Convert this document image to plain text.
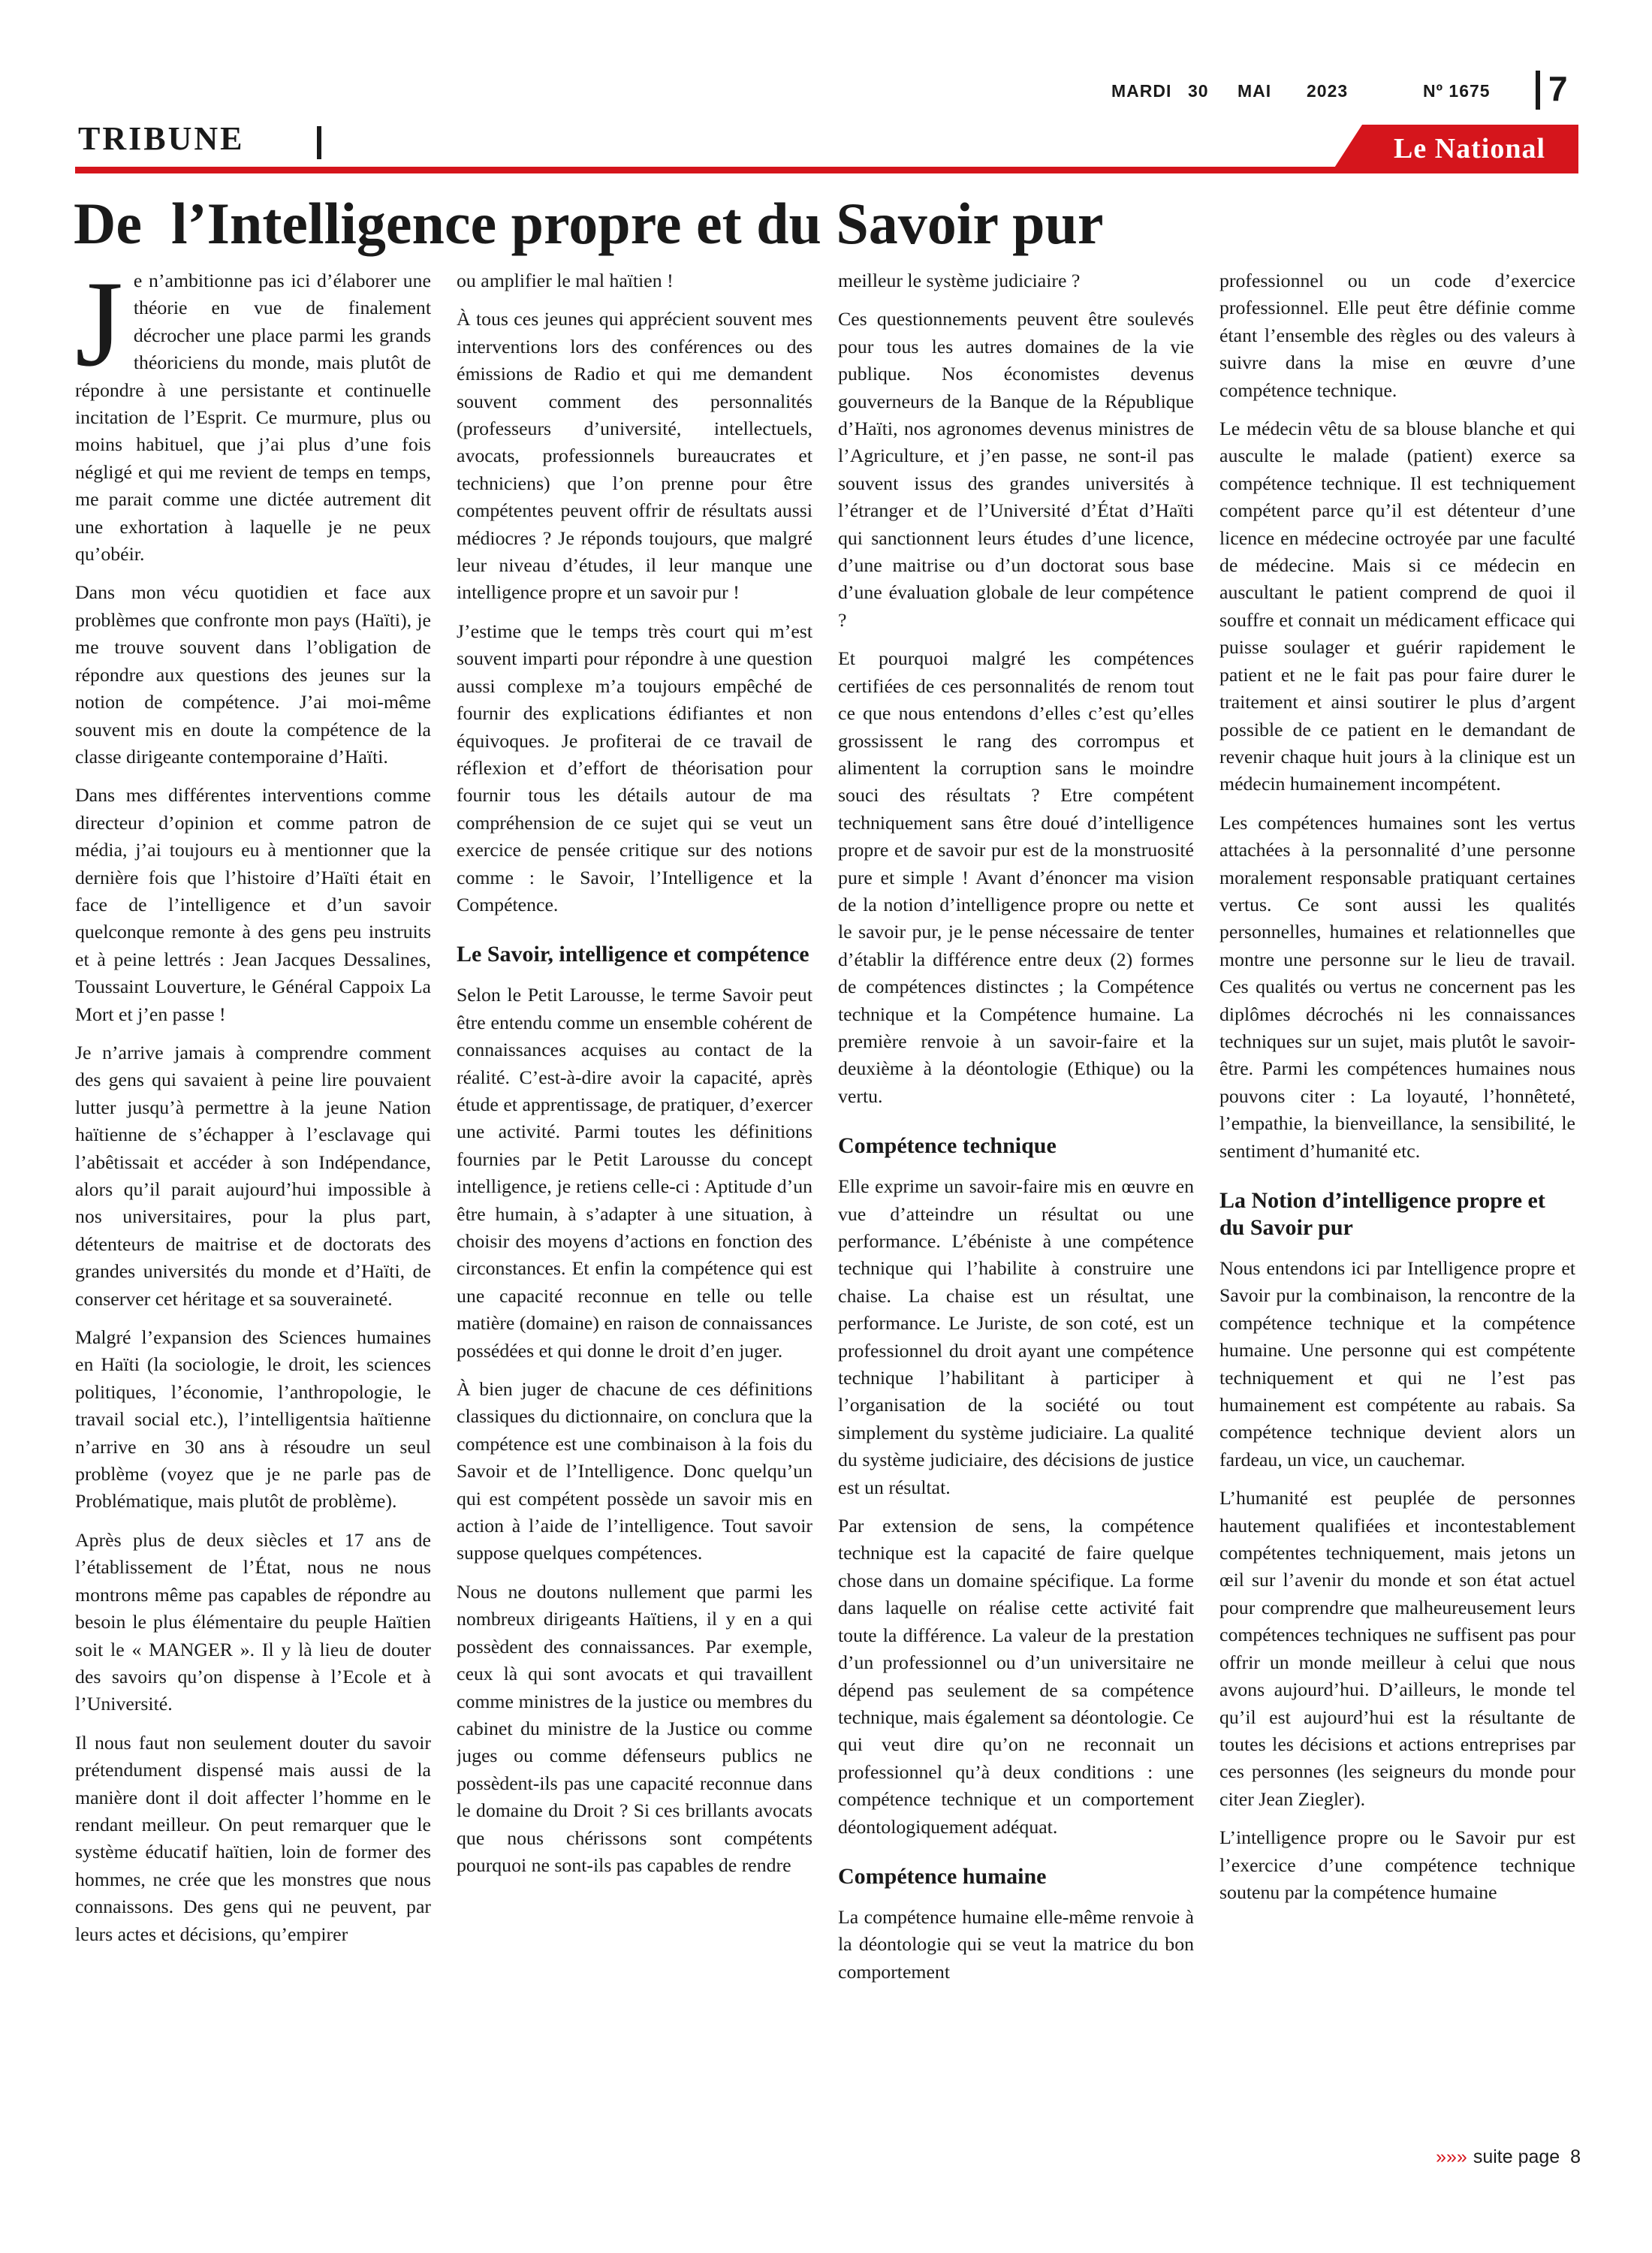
MARDI 30 MAI 2023	Nº 1675 7
TRIBUNE	Le National
De  l’Intelligence propre et du Savoir pur

Je n’ambitionne pas ici d’élaborer une théorie en vue de finalement décrocher une place parmi les grands théoriciens du monde, mais plutôt de répondre à une persistante et continuelle incitation de l’Esprit. Ce murmure, plus ou moins habituel, que j’ai plus d’une fois négligé et qui me revient de temps en temps, me parait comme une dictée autrement dit une exhortation à laquelle je ne peux qu’obéir.

Dans mon vécu quotidien et face aux problèmes que confronte mon pays (Haïti), je me trouve souvent dans l’obligation de répondre aux questions des jeunes sur la notion de compétence. J’ai moi-même souvent mis en doute la compétence de la classe dirigeante contemporaine d’Haïti.

Dans mes différentes interventions comme directeur d’opinion et comme patron de média, j’ai toujours eu à mentionner que la dernière fois que l’histoire d’Haïti était en face de l’intelligence et d’un savoir quelconque remonte à des gens peu instruits et à peine lettrés : Jean Jacques Dessalines, Toussaint Louverture, le Général Cappoix La Mort et j’en passe !

Je n’arrive jamais à comprendre comment des gens qui savaient à peine lire pouvaient lutter jusqu’à permettre à la jeune Nation haïtienne de s’échapper à l’esclavage qui l’abêtissait et accéder à son Indépendance, alors qu’il parait aujourd’hui impossible à nos universitaires, pour la plus part, détenteurs de maitrise et de doctorats des grandes universités du monde et d’Haïti, de conserver cet héritage et sa souveraineté.

Malgré l’expansion des Sciences humaines en Haïti (la sociologie, le droit, les sciences politiques, l’économie, l’anthropologie, le travail social etc.), l’intelligentsia haïtienne n’arrive en 30 ans à résoudre un seul problème (voyez que je ne parle pas de Problématique, mais plutôt de problème).

Après plus de deux siècles et 17 ans de l’établissement de l’État, nous ne nous montrons même pas capables de répondre au besoin le plus élémentaire du peuple Haïtien soit le « MANGER ». Il y là lieu de douter des savoirs qu’on dispense à l’Ecole et à l’Université.

Il nous faut non seulement douter du savoir prétendument dispensé mais aussi de la manière dont il doit affecter l’homme en le rendant meilleur. On peut remarquer que le système éducatif haïtien, loin de former des hommes, ne crée que les monstres que nous connaissons. Des gens qui ne peuvent, par leurs actes et décisions, qu’empirer

ou amplifier le mal haïtien !

À tous ces jeunes qui apprécient souvent mes interventions lors des conférences ou des émissions de Radio et qui me demandent souvent comment des personnalités (professeurs d’université, intellectuels, avocats, professionnels bureaucrates et techniciens) que l’on prenne pour être compétentes peuvent offrir de résultats aussi médiocres ? Je réponds toujours, que malgré leur niveau d’études, il leur manque une intelligence propre et un savoir pur !

J’estime que le temps très court qui m’est souvent imparti pour répondre à une question aussi complexe m’a toujours empêché de fournir des explications édifiantes et non équivoques. Je profiterai de ce travail de réflexion et d’effort de théorisation pour fournir tous les détails autour de ma compréhension de ce sujet qui se veut un exercice de pensée critique sur des notions comme : le Savoir, l’Intelligence et la Compétence.

Le Savoir, intelligence et compétence

Selon le Petit Larousse, le terme Savoir peut être entendu comme un ensemble cohérent de connaissances acquises au contact de la réalité. C’est-à-dire avoir la capacité, après étude et apprentissage, de pratiquer, d’exercer une activité. Parmi toutes les définitions fournies par le Petit Larousse du concept intelligence, je retiens celle-ci : Aptitude d’un être humain, à s’adapter à une situation, à choisir des moyens d’actions en fonction des circonstances. Et enfin la compétence qui est une capacité reconnue en telle ou telle matière (domaine) en raison de connaissances possédées et qui donne le droit d’en juger.

À bien juger de chacune de ces définitions classiques du dictionnaire, on conclura que la compétence est une combinaison à la fois du Savoir et de l’Intelligence. Donc quelqu’un qui est compétent possède un savoir mis en action à l’aide de l’intelligence. Tout savoir suppose quelques compétences.

Nous ne doutons nullement que parmi les nombreux dirigeants Haïtiens, il y en a qui possèdent des connaissances. Par exemple, ceux là qui sont avocats et qui travaillent comme ministres de la justice ou membres du cabinet du ministre de la Justice ou comme juges ou comme défenseurs publics ne possèdent-ils pas une capacité reconnue dans le domaine du Droit ? Si ces brillants avocats que nous chérissons sont compétents pourquoi ne sont-ils pas capables de rendre

meilleur le système judiciaire ?

Ces questionnements peuvent être soulevés pour tous les autres domaines de la vie publique. Nos économistes devenus gouverneurs de la Banque de la République d’Haïti, nos agronomes devenus ministres de l’Agriculture, et j’en passe, ne sont-il pas souvent issus des grandes universités à l’étranger et de l’Université d’État d’Haïti qui sanctionnent leurs études d’une licence, d’une maitrise ou d’un doctorat sous base d’une évaluation globale de leur compétence ?

Et pourquoi malgré les compétences certifiées de ces personnalités de renom tout ce que nous entendons d’elles c’est qu’elles grossissent le rang des corrompus et alimentent la corruption sans le moindre souci des résultats ? Etre compétent techniquement sans être doué d’intelligence propre et de savoir pur est de la monstruosité pure et simple ! Avant d’énoncer ma vision de la notion d’intelligence propre ou nette et le savoir pur, je le pense nécessaire de tenter d’établir la différence entre deux (2) formes de compétences distinctes ; la Compétence technique et la Compétence humaine. La première renvoie à un savoir-faire et la deuxième à la déontologie (Ethique) ou la vertu.

Compétence technique

Elle exprime un savoir-faire mis en œuvre en vue d’atteindre un résultat ou une performance. L’ébéniste à une compétence technique qui l’habilite à construire une chaise. La chaise est un résultat, une performance. Le Juriste, de son coté, est un professionnel du droit ayant une compétence technique l’habilitant à participer à l’organisation de la société ou tout simplement du système judiciaire. La qualité du système judiciaire, des décisions de justice est un résultat.

Par extension de sens, la compétence technique est la capacité de faire quelque chose dans un domaine spécifique. La forme dans laquelle on réalise cette activité fait toute la différence. La valeur de la prestation d’un professionnel ou d’un universitaire ne dépend pas seulement de sa compétence technique, mais également sa déontologie. Ce qui veut dire qu’on ne reconnait un professionnel qu’à deux conditions : une compétence technique et un comportement déontologiquement adéquat.

Compétence humaine

La compétence humaine elle-même renvoie à la déontologie qui se veut la matrice du bon comportement

professionnel ou un code d’exercice professionnel. Elle peut être définie comme étant l’ensemble des règles ou des valeurs à suivre dans la mise en œuvre d’une compétence technique.

Le médecin vêtu de sa blouse blanche et qui ausculte le malade (patient) exerce sa compétence technique. Il est techniquement compétent parce qu’il est détenteur d’une licence en médecine octroyée par une faculté de médecine. Mais si ce médecin en auscultant le patient comprend de quoi il souffre et connait un médicament efficace qui puisse soulager et guérir rapidement le patient et ne le fait pas pour faire durer le traitement et ainsi soutirer le plus d’argent possible de ce patient en le demandant de revenir chaque huit jours à la clinique est un médecin humainement incompétent.

Les compétences humaines sont les vertus attachées à la personnalité d’une personne moralement responsable pratiquant certaines vertus. Ce sont aussi les qualités personnelles, humaines et relationnelles que montre une personne sur le lieu de travail. Ces qualités ou vertus ne concernent pas les diplômes décrochés ni les connaissances techniques sur un sujet, mais plutôt le savoir-être. Parmi les compétences humaines nous pouvons citer : La loyauté, l’honnêteté, l’empathie, la bienveillance, la sensibilité, le sentiment d’humanité etc.

La Notion d’intelligence propre et du Savoir pur

Nous entendons ici par Intelligence propre et Savoir pur la combinaison, la rencontre de la compétence technique et la compétence humaine. Une personne qui est compétente techniquement et qui ne l’est pas humainement est compétente au rabais. Sa compétence technique devient alors un fardeau, un vice, un cauchemar.

L’humanité est peuplée de personnes hautement qualifiées et incontestablement compétentes techniquement, mais jetons un œil sur l’avenir du monde et son état actuel pour comprendre que malheureusement leurs compétences techniques ne suffisent pas pour offrir un monde meilleur à celui que nous avons aujourd’hui. D’ailleurs, le monde tel qu’il est aujourd’hui est la résultante de toutes les décisions et actions entreprises par ces personnes (les seigneurs du monde pour citer Jean Ziegler).

L’intelligence propre ou le Savoir pur est l’exercice d’une compétence technique soutenu par la compétence humaine

»»» suite page 8
